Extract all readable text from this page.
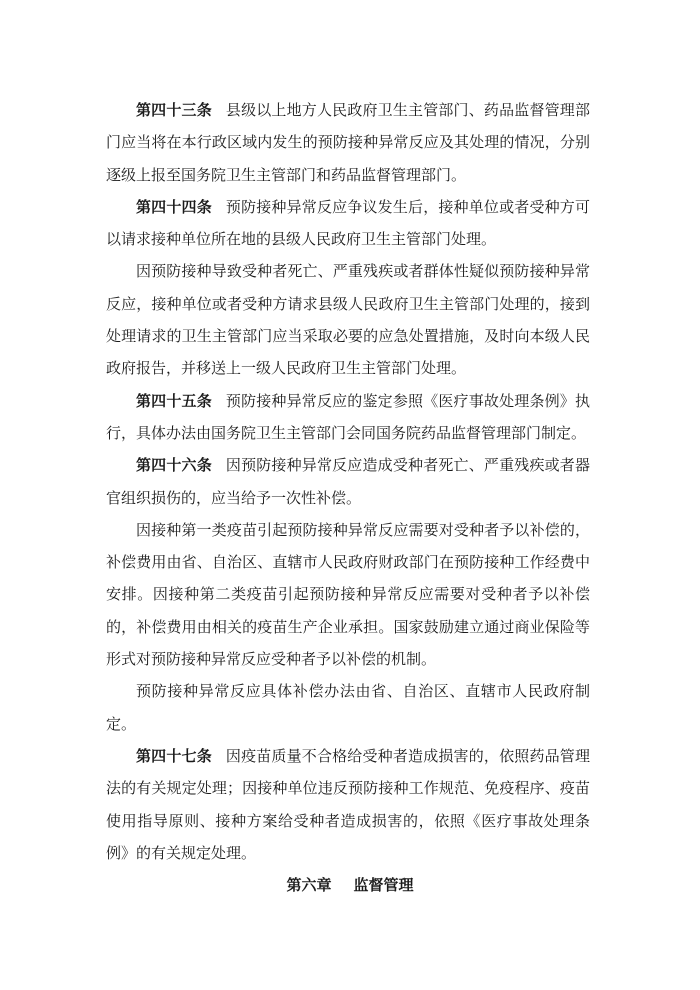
第四十三条 县级以上地方人民政府卫生主管部门、药品监督管理部门应当将在本行政区域内发生的预防接种异常反应及其处理的情况，分别逐级上报至国务院卫生主管部门和药品监督管理部门。

第四十四条 预防接种异常反应争议发生后，接种单位或者受种方可以请求接种单位所在地的县级人民政府卫生主管部门处理。

因预防接种导致受种者死亡、严重残疾或者群体性疑似预防接种异常反应，接种单位或者受种方请求县级人民政府卫生主管部门处理的，接到处理请求的卫生主管部门应当采取必要的应急处置措施，及时向本级人民政府报告，并移送上一级人民政府卫生主管部门处理。

第四十五条 预防接种异常反应的鉴定参照《医疗事故处理条例》执行，具体办法由国务院卫生主管部门会同国务院药品监督管理部门制定。

第四十六条 因预防接种异常反应造成受种者死亡、严重残疾或者器官组织损伤的，应当给予一次性补偿。

因接种第一类疫苗引起预防接种异常反应需要对受种者予以补偿的，补偿费用由省、自治区、直辖市人民政府财政部门在预防接种工作经费中安排。因接种第二类疫苗引起预防接种异常反应需要对受种者予以补偿的，补偿费用由相关的疫苗生产企业承担。国家鼓励建立通过商业保险等形式对预防接种异常反应受种者予以补偿的机制。

预防接种异常反应具体补偿办法由省、自治区、直辖市人民政府制定。

第四十七条 因疫苗质量不合格给受种者造成损害的，依照药品管理法的有关规定处理；因接种单位违反预防接种工作规范、免疫程序、疫苗使用指导原则、接种方案给受种者造成损害的，依照《医疗事故处理条例》的有关规定处理。

第六章 监督管理
